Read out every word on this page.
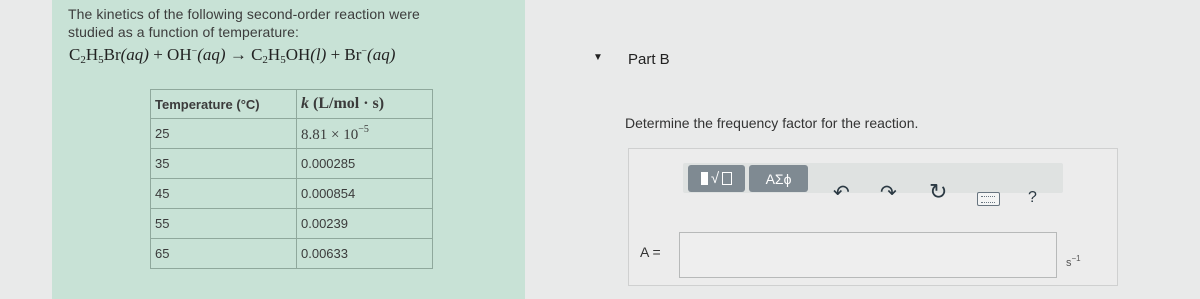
The kinetics of the following second-order reaction were
studied as a function of temperature:
$C_2H_5Br(aq) + OH^-(aq) \to C_2H_5OH(l) + Br^-(aq)$
Temperature (°C)	k (L/mol · s)
25	$8.81 \times 10^{-5}$
35	0.000285
45	0.000854
55	0.00239
65	0.00633
▼ Part B
Determine the frequency factor for the reaction.
√	ΑΣϕ
↶ ↷ ↻	?
A =
$s^{-1}$
